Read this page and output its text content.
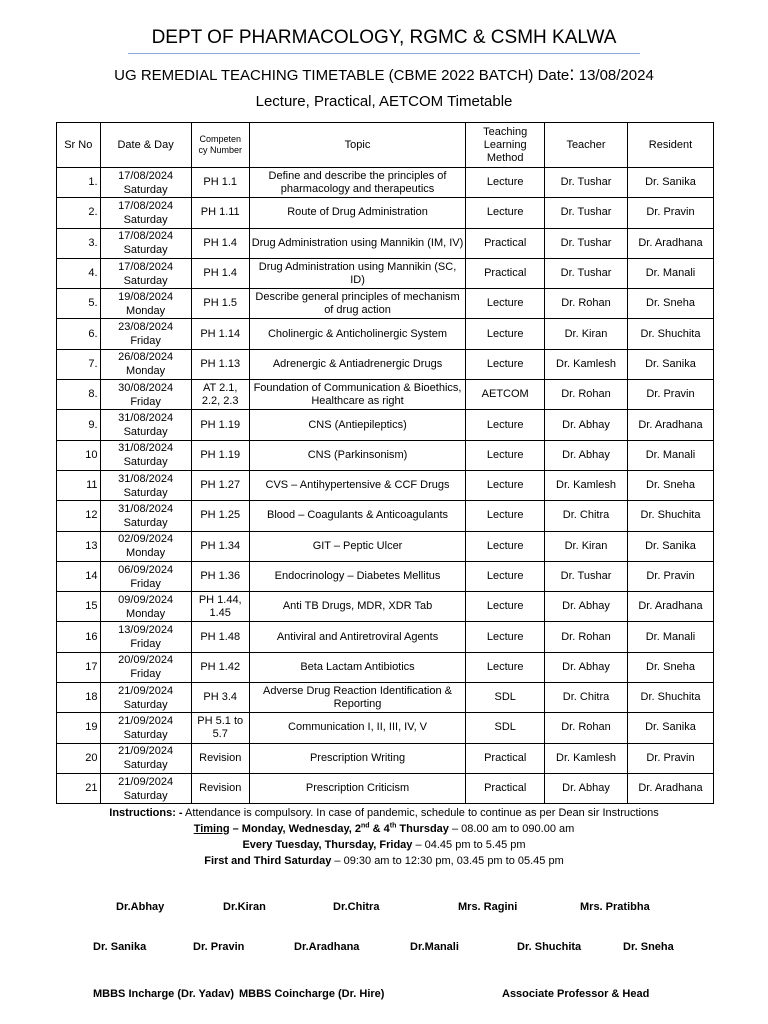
DEPT OF PHARMACOLOGY, RGMC & CSMH KALWA
UG REMEDIAL TEACHING TIMETABLE (CBME 2022 BATCH) Date: 13/08/2024
Lecture, Practical, AETCOM Timetable
Sr No	Date & Day	Competen
cy Number	Topic	Teaching
Learning
Method	Teacher	Resident
1.	17/08/2024
Saturday	PH 1.1	Define and describe the principles of pharmacology and therapeutics	Lecture	Dr. Tushar	Dr. Sanika
2.	17/08/2024
Saturday	PH 1.11	Route of Drug Administration	Lecture	Dr. Tushar	Dr. Pravin
3.	17/08/2024
Saturday	PH 1.4	Drug Administration using Mannikin (IM, IV)	Practical	Dr. Tushar	Dr. Aradhana
4.	17/08/2024
Saturday	PH 1.4	Drug Administration using Mannikin (SC, ID)	Practical	Dr. Tushar	Dr. Manali
5.	19/08/2024
Monday	PH 1.5	Describe general principles of mechanism of drug action	Lecture	Dr. Rohan	Dr. Sneha
6.	23/08/2024
Friday	PH 1.14	Cholinergic & Anticholinergic System	Lecture	Dr. Kiran	Dr. Shuchita
7.	26/08/2024
Monday	PH 1.13	Adrenergic & Antiadrenergic Drugs	Lecture	Dr. Kamlesh	Dr. Sanika
8.	30/08/2024
Friday	AT 2.1, 2.2, 2.3	Foundation of Communication & Bioethics, Healthcare as right	AETCOM	Dr. Rohan	Dr. Pravin
9.	31/08/2024
Saturday	PH 1.19	CNS (Antiepileptics)	Lecture	Dr. Abhay	Dr. Aradhana
10	31/08/2024
Saturday	PH 1.19	CNS (Parkinsonism)	Lecture	Dr. Abhay	Dr. Manali
11	31/08/2024
Saturday	PH 1.27	CVS – Antihypertensive & CCF Drugs	Lecture	Dr. Kamlesh	Dr. Sneha
12	31/08/2024
Saturday	PH 1.25	Blood – Coagulants & Anticoagulants	Lecture	Dr. Chitra	Dr. Shuchita
13	02/09/2024
Monday	PH 1.34	GIT – Peptic Ulcer	Lecture	Dr. Kiran	Dr. Sanika
14	06/09/2024
Friday	PH 1.36	Endocrinology – Diabetes Mellitus	Lecture	Dr. Tushar	Dr. Pravin
15	09/09/2024
Monday	PH 1.44, 1.45	Anti TB Drugs, MDR, XDR Tab	Lecture	Dr. Abhay	Dr. Aradhana
16	13/09/2024
Friday	PH 1.48	Antiviral and Antiretroviral Agents	Lecture	Dr. Rohan	Dr. Manali
17	20/09/2024
Friday	PH 1.42	Beta Lactam Antibiotics	Lecture	Dr. Abhay	Dr. Sneha
18	21/09/2024
Saturday	PH 3.4	Adverse Drug Reaction Identification & Reporting	SDL	Dr. Chitra	Dr. Shuchita
19	21/09/2024
Saturday	PH 5.1 to 5.7	Communication I, II, III, IV, V	SDL	Dr. Rohan	Dr. Sanika
20	21/09/2024
Saturday	Revision	Prescription Writing	Practical	Dr. Kamlesh	Dr. Pravin
21	21/09/2024
Saturday	Revision	Prescription Criticism	Practical	Dr. Abhay	Dr. Aradhana
Instructions: - Attendance is compulsory. In case of pandemic, schedule to continue as per Dean sir Instructions
Timing – Monday, Wednesday, 2nd & 4th Thursday – 08.00 am to 090.00 am
Every Tuesday, Thursday, Friday – 04.45 pm to 5.45 pm
First and Third Saturday – 09:30 am to 12:30 pm, 03.45 pm to 05.45 pm
Dr.Abhay	Dr.Kiran	Dr.Chitra	Mrs. Ragini	Mrs. Pratibha
Dr. Sanika	Dr. Pravin	Dr.Aradhana	Dr.Manali	Dr. Shuchita	Dr. Sneha
MBBS Incharge (Dr. Yadav) MBBS Coincharge (Dr. Hire)	Associate Professor & Head
